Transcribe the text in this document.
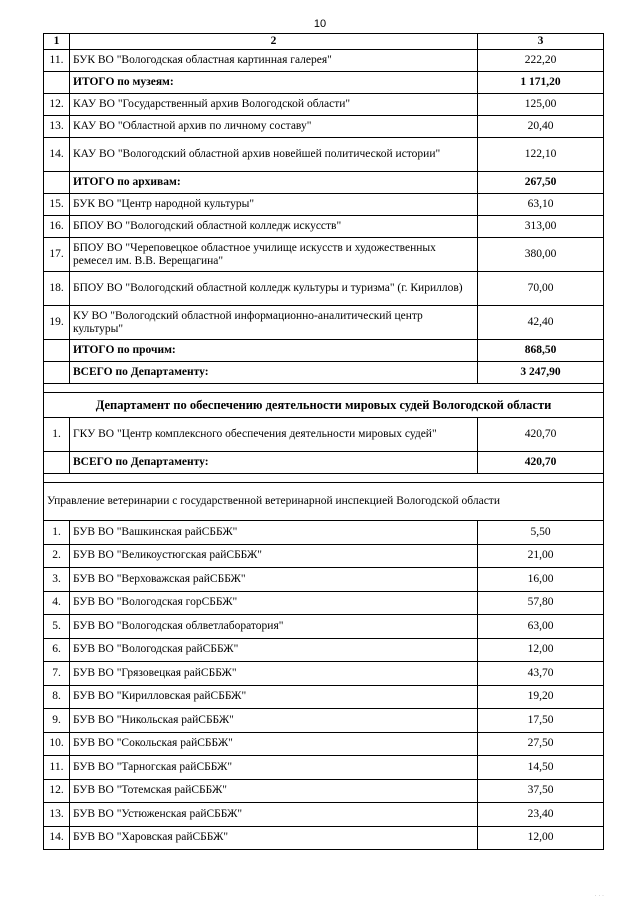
10
1	2	3
11.	БУК ВО "Вологодская областная картинная галерея"	222,20
	ИТОГО по музеям:	1 171,20
12.	КАУ ВО "Государственный архив Вологодской области"	125,00
13.	КАУ ВО "Областной архив по личному составу"	20,40
14.	КАУ ВО "Вологодский областной архив новейшей политической истории"	122,10
	ИТОГО по архивам:	267,50
15.	БУК ВО "Центр народной культуры"	63,10
16.	БПОУ ВО "Вологодский областной колледж искусств"	313,00
17.	БПОУ ВО "Череповецкое областное училище искусств и художественных ремесел им. В.В. Верещагина"	380,00
18.	БПОУ ВО "Вологодский областной колледж культуры и туризма" (г. Кириллов)	70,00
19.	КУ ВО "Вологодский областной информационно-аналитический центр культуры"	42,40
	ИТОГО по прочим:	868,50
	ВСЕГО по Департаменту:	3 247,90

Департамент по обеспечению деятельности мировых судей Вологодской области		
1.	ГКУ ВО "Центр комплексного обеспечения деятельности мировых судей"	420,70
	ВСЕГО по Департаменту:	420,70

Управление ветеринарии с государственной ветеринарной инспекцией Вологодской области		
1.	БУВ ВО "Вашкинская райСББЖ"	5,50
2.	БУВ ВО "Великоустюгская райСББЖ"	21,00
3.	БУВ ВО "Верховажская райСББЖ"	16,00
4.	БУВ ВО "Вологодская горСББЖ"	57,80
5.	БУВ ВО "Вологодская облветлаборатория"	63,00
6.	БУВ ВО "Вологодская райСББЖ"	12,00
7.	БУВ ВО "Грязовецкая райСББЖ"	43,70
8.	БУВ ВО "Кирилловская райСББЖ"	19,20
9.	БУВ ВО "Никольская райСББЖ"	17,50
10.	БУВ ВО "Сокольская райСББЖ"	27,50
11.	БУВ ВО "Тарногская райСББЖ"	14,50
12.	БУВ ВО "Тотемская райСББЖ"	37,50
13.	БУВ ВО "Устюженская райСББЖ"	23,40
14.	БУВ ВО "Харовская райСББЖ"	12,00
· · ·
